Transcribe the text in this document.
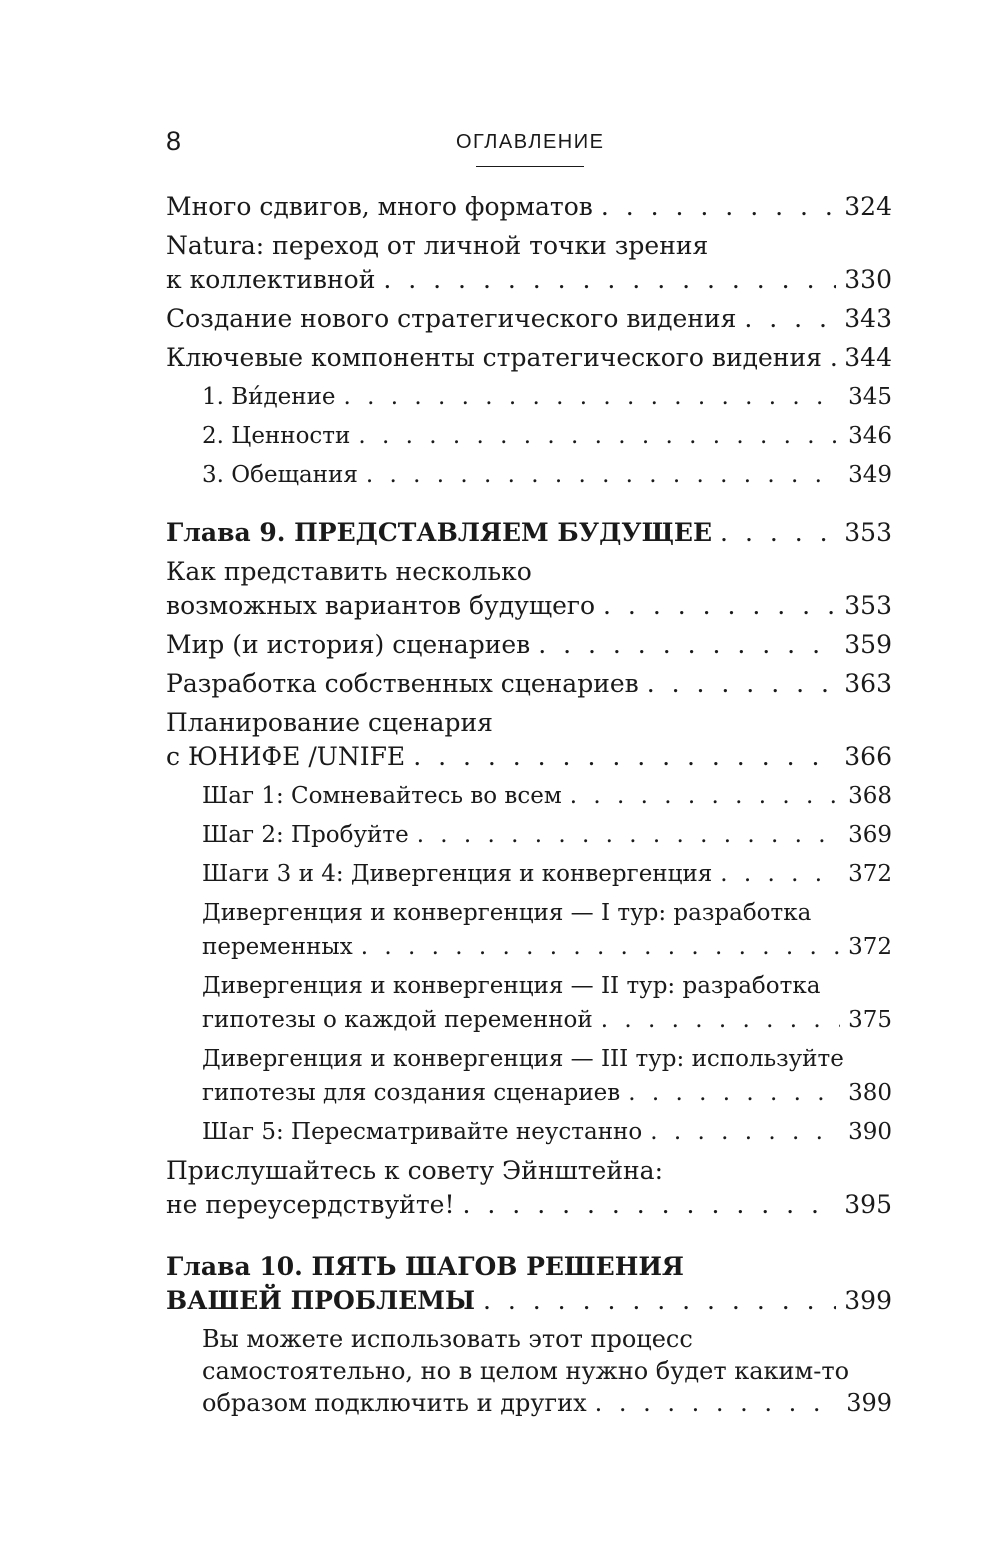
8	ОГЛАВЛЕНИЕ
Много сдвигов, много форматов . . .	324
Natura: переход от личной точки зрения
к коллективной . . .	330
Создание нового стратегического видения . . .	343
Ключевые компоненты стратегического видения . . . 344
1. Ви́дение . . .	345
2. Ценности . . .	346
3. Обещания . . .	349
Глава 9. ПРЕДСТАВЛЯЕМ БУДУЩЕЕ . . .	353
Как представить несколько
возможных вариантов будущего . . .	353
Мир (и история) сценариев . . .	359
Разработка собственных сценариев . . .	363
Планирование сценария
с ЮНИФЕ /UNIFE . . .	366
Шаг 1: Сомневайтесь во всем . . .	368
Шаг 2: Пробуйте . . .	369
Шаги 3 и 4: Дивергенция и конвергенция . . .	372
Дивергенция и конвергенция — I тур: разработка
переменных . . .	372
Дивергенция и конвергенция — II тур: разработка
гипотезы о каждой переменной . . .	375
Дивергенция и конвергенция — III тур: используйте
гипотезы для создания сценариев . . .	380
Шаг 5: Пересматривайте неустанно . . .	390
Прислушайтесь к совету Эйнштейна:
не переусердствуйте! . . .	395
Глава 10. ПЯТЬ ШАГОВ РЕШЕНИЯ
ВАШЕЙ ПРОБЛЕМЫ . . .	399
Вы можете использовать этот процесс
самостоятельно, но в целом нужно будет каким-то
образом подключить и других . . .	399
